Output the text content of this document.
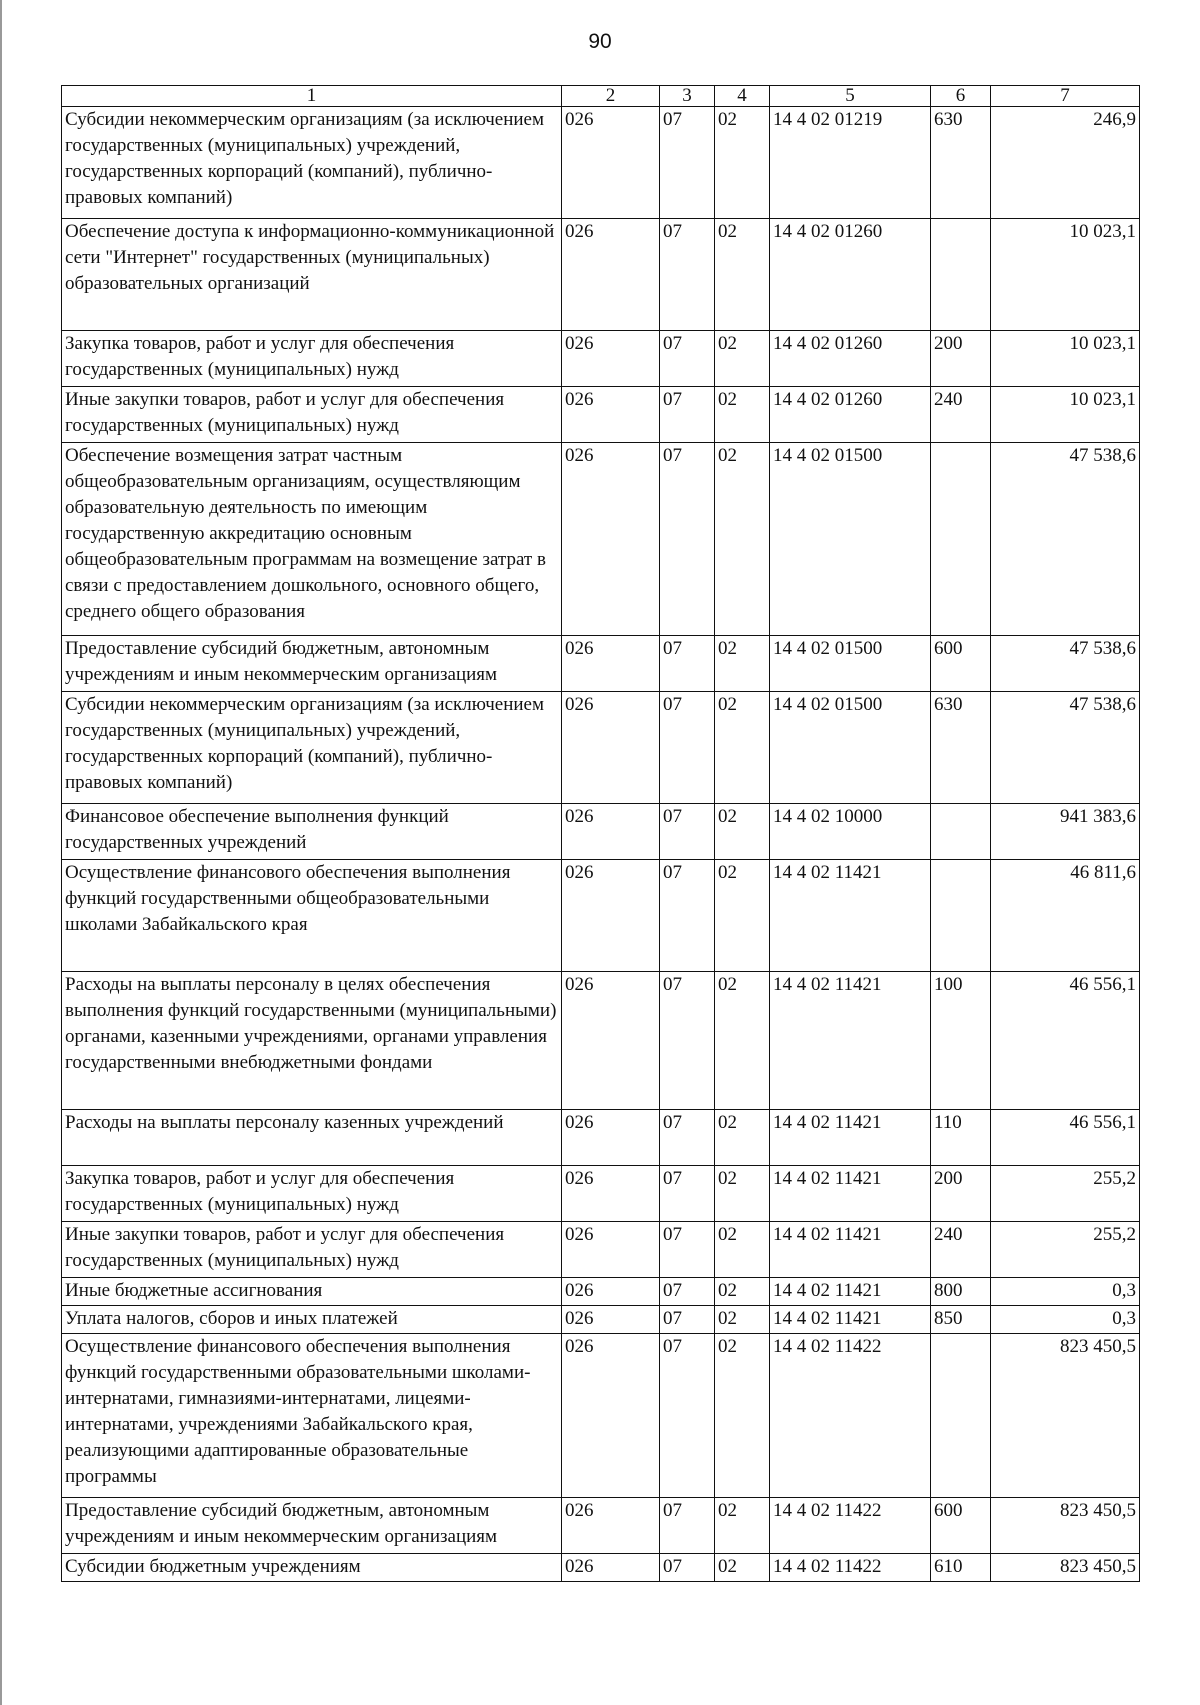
90
1	2	3	4	5	6	7
Субсидии некоммерческим организациям (за исключением государственных (муниципальных) учреждений, государственных корпораций (компаний), публично-правовых компаний)	026	07	02	14 4 02 01219	630	246,9
Обеспечение доступа к информационно-коммуникационной сети "Интернет" государственных (муниципальных) образовательных организаций	026	07	02	14 4 02 01260		10 023,1
Закупка товаров, работ и услуг для обеспечения государственных (муниципальных) нужд	026	07	02	14 4 02 01260	200	10 023,1
Иные закупки товаров, работ и услуг для обеспечения государственных (муниципальных) нужд	026	07	02	14 4 02 01260	240	10 023,1
Обеспечение возмещения затрат частным общеобразовательным организациям, осуществляющим образовательную деятельность по имеющим государственную аккредитацию основным общеобразовательным программам на возмещение затрат в связи с предоставлением дошкольного, основного общего, среднего общего образования	026	07	02	14 4 02 01500		47 538,6
Предоставление субсидий бюджетным, автономным учреждениям и иным некоммерческим организациям	026	07	02	14 4 02 01500	600	47 538,6
Субсидии некоммерческим организациям (за исключением государственных (муниципальных) учреждений, государственных корпораций (компаний), публично-правовых компаний)	026	07	02	14 4 02 01500	630	47 538,6
Финансовое обеспечение выполнения функций государственных учреждений	026	07	02	14 4 02 10000		941 383,6
Осуществление финансового обеспечения выполнения функций государственными общеобразовательными школами Забайкальского края	026	07	02	14 4 02 11421		46 811,6
Расходы на выплаты персоналу в целях обеспечения выполнения функций государственными (муниципальными) органами, казенными учреждениями, органами управления государственными внебюджетными фондами	026	07	02	14 4 02 11421	100	46 556,1
Расходы на выплаты персоналу казенных учреждений	026	07	02	14 4 02 11421	110	46 556,1
Закупка товаров, работ и услуг для обеспечения государственных (муниципальных) нужд	026	07	02	14 4 02 11421	200	255,2
Иные закупки товаров, работ и услуг для обеспечения государственных (муниципальных) нужд	026	07	02	14 4 02 11421	240	255,2
Иные бюджетные ассигнования	026	07	02	14 4 02 11421	800	0,3
Уплата налогов, сборов и иных платежей	026	07	02	14 4 02 11421	850	0,3
Осуществление финансового обеспечения выполнения функций государственными образовательными школами-интернатами, гимназиями-интернатами, лицеями-интернатами, учреждениями Забайкальского края, реализующими адаптированные образовательные программы	026	07	02	14 4 02 11422		823 450,5
Предоставление субсидий бюджетным, автономным учреждениям и иным некоммерческим организациям	026	07	02	14 4 02 11422	600	823 450,5
Субсидии бюджетным учреждениям	026	07	02	14 4 02 11422	610	823 450,5
